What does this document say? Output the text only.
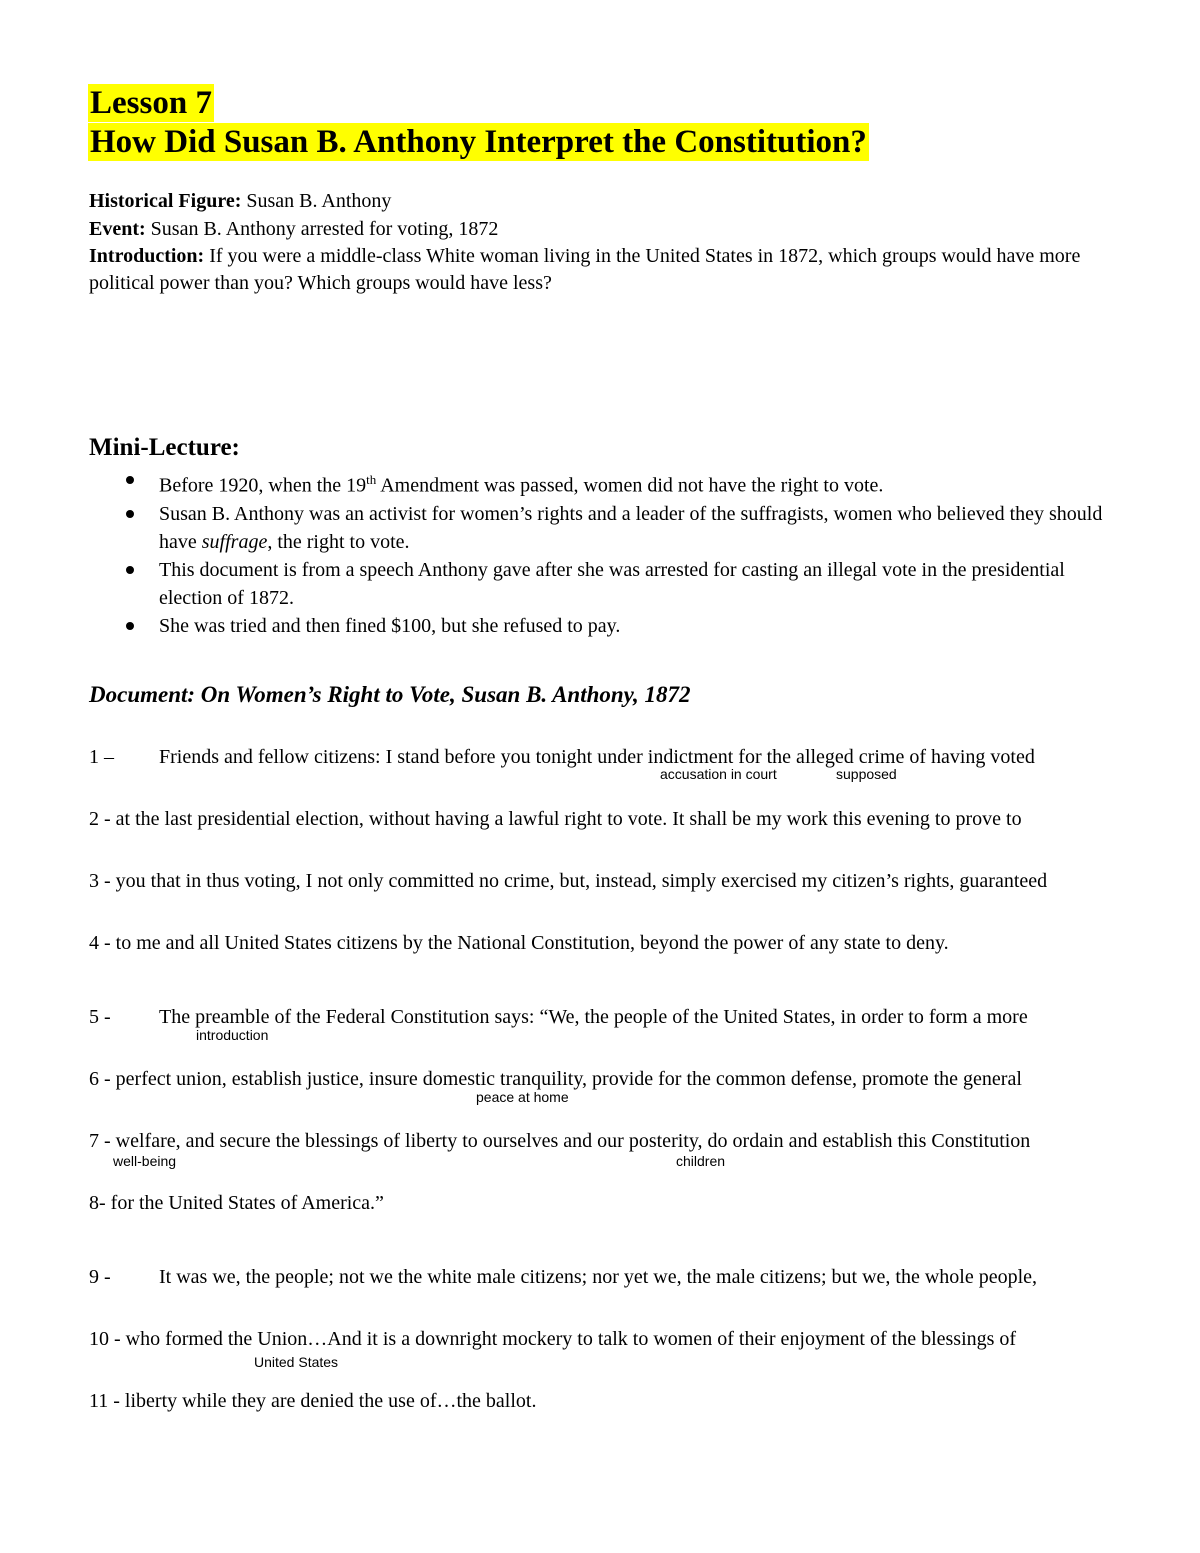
Lesson 7
How Did Susan B. Anthony Interpret the Constitution?
Historical Figure: Susan B. Anthony
Event: Susan B. Anthony arrested for voting, 1872
Introduction: If you were a middle-class White woman living in the United States in 1872, which groups would have more political power than you? Which groups would have less?
Mini-Lecture:
Before 1920, when the 19th Amendment was passed, women did not have the right to vote.
Susan B. Anthony was an activist for women’s rights and a leader of the suffragists, women who believed they should have suffrage, the right to vote.
This document is from a speech Anthony gave after she was arrested for casting an illegal vote in the presidential election of 1872.
She was tried and then fined $100, but she refused to pay.
Document: On Women’s Right to Vote, Susan B. Anthony, 1872
1 – Friends and fellow citizens: I stand before you tonight under indictment for the alleged crime of having voted
accusation in court	supposed
2 - at the last presidential election, without having a lawful right to vote. It shall be my work this evening to prove to
3 - you that in thus voting, I not only committed no crime, but, instead, simply exercised my citizen’s rights, guaranteed
4 - to me and all United States citizens by the National Constitution, beyond the power of any state to deny.
5 - The preamble of the Federal Constitution says: “We, the people of the United States, in order to form a more
introduction
6 - perfect union, establish justice, insure domestic tranquility, provide for the common defense, promote the general
peace at home
7 - welfare, and secure the blessings of liberty to ourselves and our posterity, do ordain and establish this Constitution
well-being	children
8- for the United States of America.”
9 - It was we, the people; not we the white male citizens; nor yet we, the male citizens; but we, the whole people,
10 - who formed the Union…And it is a downright mockery to talk to women of their enjoyment of the blessings of
United States
11 - liberty while they are denied the use of…the ballot.
